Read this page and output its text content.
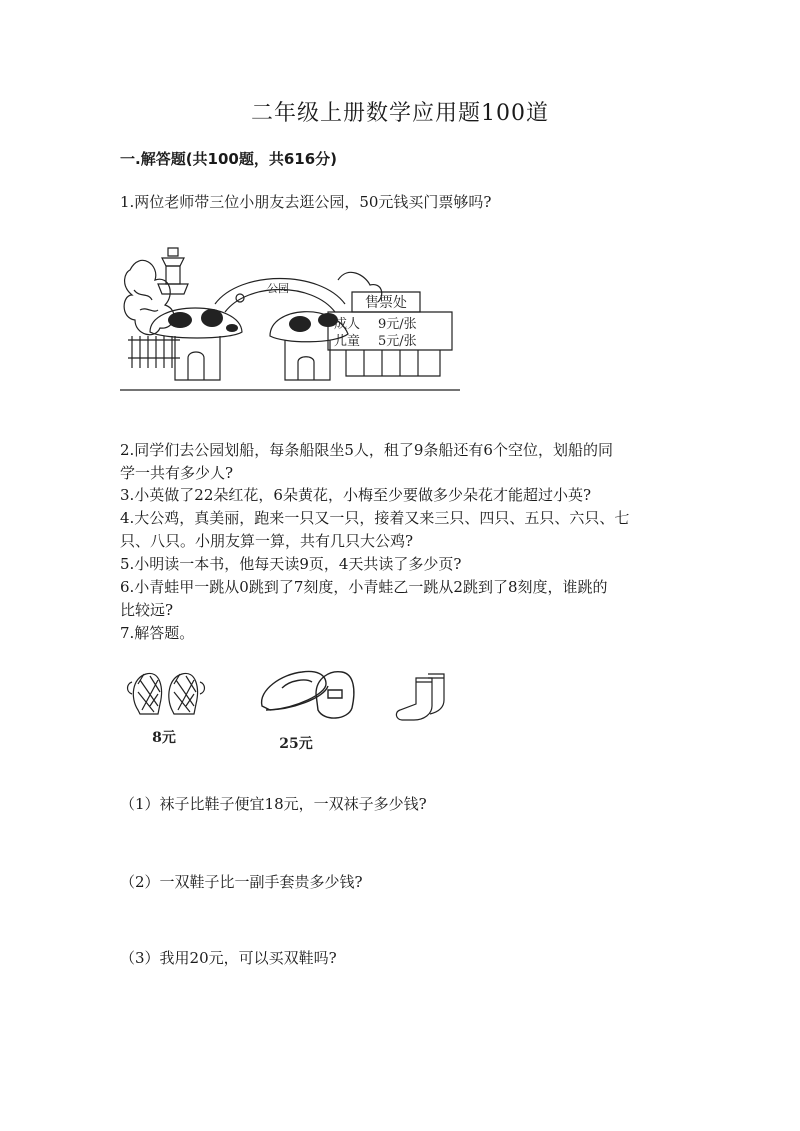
二年级上册数学应用题100道
一.解答题(共100题，共616分)
1.两位老师带三位小朋友去逛公园，50元钱买门票够吗?
公园
售票处
成人 9元/张
儿童 5元/张
2.同学们去公园划船，每条船限坐5人，租了9条船还有6个空位，划船的同
学一共有多少人?
3.小英做了22朵红花，6朵黄花，小梅至少要做多少朵花才能超过小英?
4.大公鸡，真美丽，跑来一只又一只，接着又来三只、四只、五只、六只、七
只、八只。小朋友算一算，共有几只大公鸡?
5.小明读一本书，他每天读9页，4天共读了多少页?
6.小青蛙甲一跳从0跳到了7刻度，小青蛙乙一跳从2跳到了8刻度，谁跳的
比较远?
7.解答题。
8元	25元
（1）袜子比鞋子便宜18元，一双袜子多少钱?
（2）一双鞋子比一副手套贵多少钱?
（3）我用20元，可以买双鞋吗?
